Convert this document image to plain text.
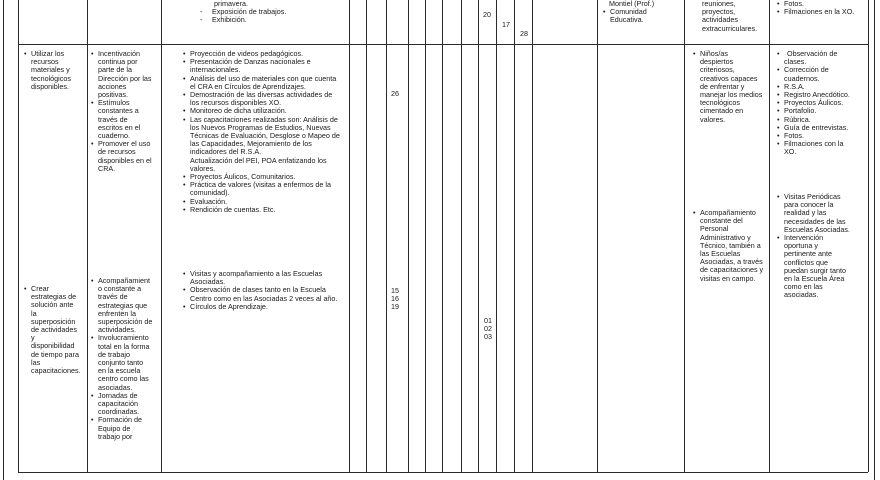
primavera.
- Exposición de trabajos.
- Exhibición.
20
17
28
Montiel (Prof.)
• Comunidad
Educativa.
reuniones,
proyectos,
actividades
extracurriculares.
• Fotos.
• Filmaciones en la XO.
• Utilizar los
recursos
materiales y
tecnológicos
disponibles.
• Incentivación
continua por
parte de la
Dirección por las
acciones
positivas.
• Estímulos
constantes a
través de
escritos en el
cuaderno.
• Promover el uso
de recursos
disponibles en el
CRA.
• Proyección de videos pedagógicos.
• Presentación de Danzas nacionales e
internacionales.
• Análisis del uso de materiales con que cuenta
el CRA en Círculos de Aprendizajes.
• Demostración de las diversas actividades de
los recursos disponibles XO.
• Monitoreo de dicha utilización.
• Las capacitaciones realizadas son: Análisis de
los Nuevos Programas de Estudios, Nuevas
Técnicas de Evaluación, Desglose o Mapeo de
las Capacidades, Mejoramiento de los
indicadores del R.S.A.
Actualización del PEI, POA enfatizando los
valores.
• Proyectos Áulicos, Comunitarios.
• Práctica de valores (visitas a enfermos de la
comunidad).
• Evaluación.
• Rendición de cuentas. Etc.
26
• Niños/as
despiertos
criteriosos,
creativos capaces
de enfrentar y
manejar los medios
tecnológicos
cimentado en
valores.
• Acompañamiento
constante del
Personal
Administrativo y
Técnico, también a
las Escuelas
Asociadas, a través
de capacitaciones y
visitas en campo.
• Observación de
clases.
• Corrección de
cuadernos.
• R.S.A.
• Registro Anecdótico.
• Proyectos Áulicos.
• Portafolio.
• Rúbrica.
• Guía de entrevistas.
• Fotos.
• Filmaciones con la
XO.
• Visitas Periódicas
para conocer la
realidad y las
necesidades de las
Escuelas Asociadas.
• Intervención
oportuna y
pertinente ante
conflictos que
puedan surgir tanto
en la Escuela Área
como en las
asociadas.
• Crear
estrategias de
solución ante
la
superposición
de actividades
y
disponibilidad
de tiempo para
las
capacitaciones.
• Acompañamient
o constante a
través de
estrategias que
enfrenten la
superposición de
actividades.
• Involucramiento
total en la forma
de trabajo
conjunto tanto
en la escuela
centro como las
asociadas.
• Jornadas de
capacitación
coordinadas.
• Formación de
Equipo de
trabajo por
• Visitas y acompañamiento a las Escuelas
Asociadas.
• Observación de clases tanto en la Escuela
Centro como en las Asociadas 2 veces al año.
• Círculos de Aprendizaje.
15
16
19
01
02
03
